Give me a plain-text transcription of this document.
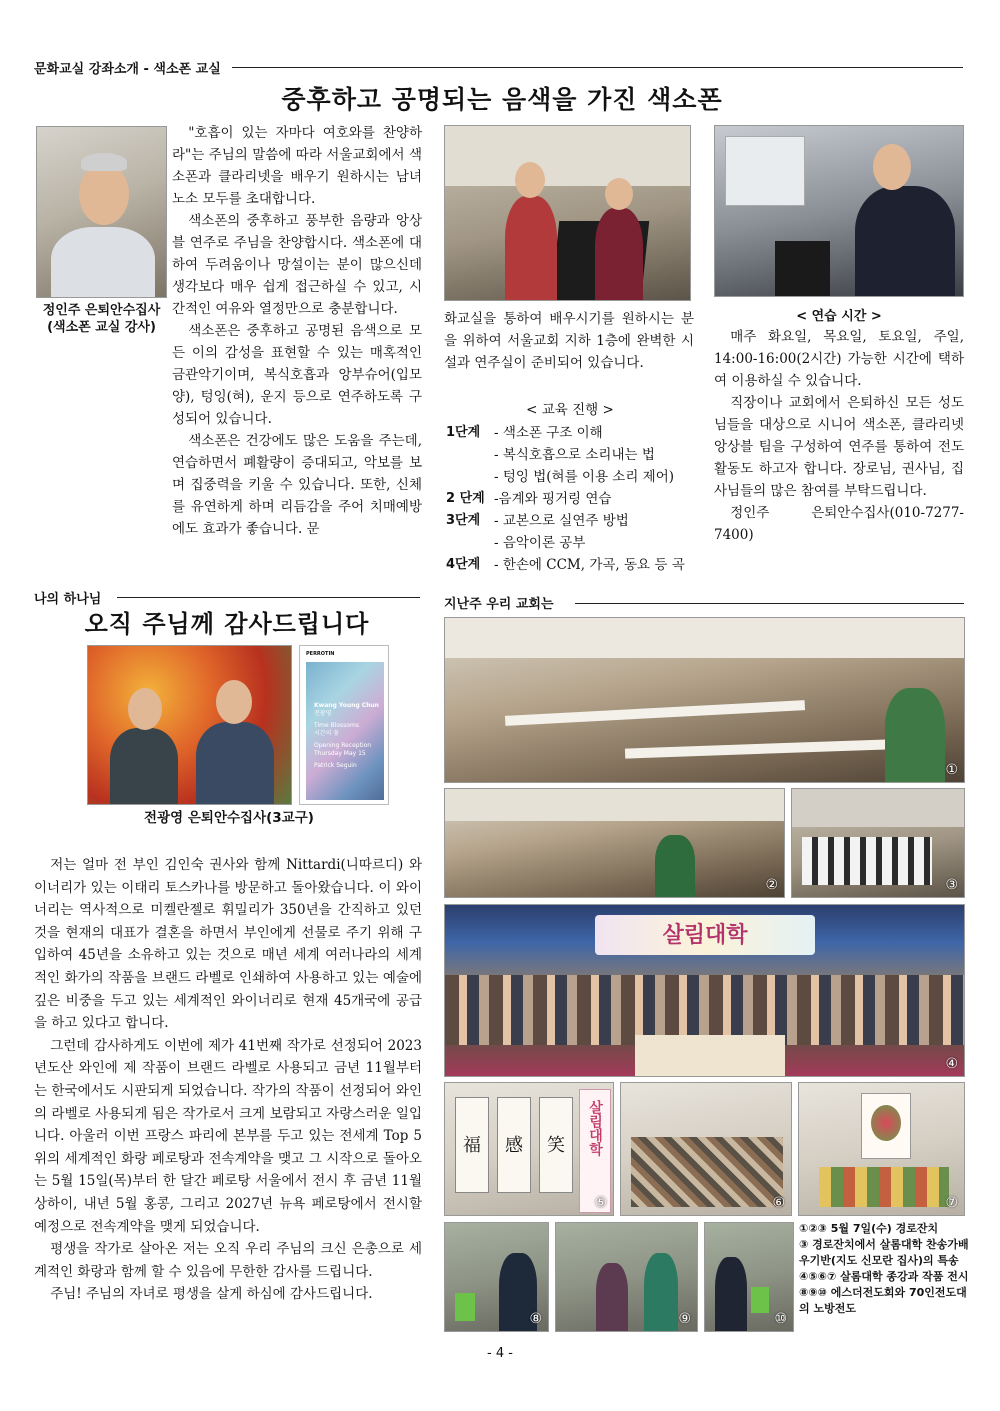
문화교실 강좌소개 - 색소폰 교실
중후하고 공명되는 음색을 가진 색소폰
정인주 은퇴안수집사
(색소폰 교실 강사)

"호흡이 있는 자마다 여호와를 찬양하라"는 주님의 말씀에 따라 서울교회에서 색소폰과 클라리넷을 배우기 원하시는 남녀노소 모두를 초대합니다.

색소폰의 중후하고 풍부한 음량과 앙상블 연주로 주님을 찬양합시다. 색소폰에 대하여 두려움이나 망설이는 분이 많으신데 생각보다 매우 쉽게 접근하실 수 있고, 시간적인 여유와 열정만으로 충분합니다.

색소폰은 중후하고 공명된 음색으로 모든 이의 감성을 표현할 수 있는 매혹적인 금관악기이며, 복식호흡과 앙부슈어(입모양), 텅잉(혀), 운지 등으로 연주하도록 구성되어 있습니다.

색소폰은 건강에도 많은 도움을 주는데, 연습하면서 폐활량이 증대되고, 악보를 보며 집중력을 키울 수 있습니다. 또한, 신체를 유연하게 하며 리듬감을 주어 치매예방에도 효과가 좋습니다. 문

화교실을 통하여 배우시기를 원하시는 분을 위하여 서울교회 지하 1층에 완벽한 시설과 연주실이 준비되어 있습니다.
< 교육 진행 >
1단계	- 색소폰 구조 이해
- 복식호흡으로 소리내는 법
- 텅잉 법(혀를 이용 소리 제어)
2 단계 -음계와 핑거링 연습
3단계	- 교본으로 실연주 방법
- 음악이론 공부
4단계	- 한손에 CCM, 가곡, 동요 등 곡
< 연습 시간 >

매주 화요일, 목요일, 토요일, 주일, 14:00-16:00(2시간) 가능한 시간에 택하여 이용하실 수 있습니다.

직장이나 교회에서 은퇴하신 모든 성도님들을 대상으로 시니어 색소폰, 클라리넷 앙상블 팀을 구성하여 연주를 통하여 전도 활동도 하고자 합니다. 장로님, 권사님, 집사님들의 많은 참여를 부탁드립니다.

정인주 은퇴안수집사(010-7277-7400)

나의 하나님
오직 주님께 감사드립니다
PERROTIN
Kwang Young Chun
전광영
Time Blossoms
시간의 꽃
Opening Reception
Thursday May 15
Patrick Seguin
전광영 은퇴안수집사(3교구)

저는 얼마 전 부인 김인숙 권사와 함께 Nittardi(니따르디) 와이너리가 있는 이태리 토스카나를 방문하고 돌아왔습니다. 이 와이너리는 역사적으로 미켈란젤로 휘밀리가 350년을 간직하고 있던 것을 현재의 대표가 결혼을 하면서 부인에게 선물로 주기 위해 구입하여 45년을 소유하고 있는 것으로 매년 세계 여러나라의 세계적인 화가의 작품을 브랜드 라벨로 인쇄하여 사용하고 있는 예술에 깊은 비중을 두고 있는 세계적인 와이너리로 현재 45개국에 공급을 하고 있다고 합니다.

그런데 감사하게도 이번에 제가 41번째 작가로 선정되어 2023년도산 와인에 제 작품이 브랜드 라벨로 사용되고 금년 11월부터는 한국에서도 시판되게 되었습니다. 작가의 작품이 선정되어 와인의 라벨로 사용되게 됨은 작가로서 크게 보람되고 자랑스러운 일입니다. 아울러 이번 프랑스 파리에 본부를 두고 있는 전세계 Top 5위의 세계적인 화랑 페로탕과 전속계약을 맺고 그 시작으로 돌아오는 5월 15일(목)부터 한 달간 페로탕 서울에서 전시 후 금년 11월 상하이, 내년 5월 홍콩, 그리고 2027년 뉴욕 페로탕에서 전시할 예정으로 전속계약을 맺게 되었습니다.

평생을 작가로 살아온 저는 오직 우리 주님의 크신 은총으로 세계적인 화랑과 함께 할 수 있음에 무한한 감사를 드립니다.

주님! 주님의 자녀로 평생을 살게 하심에 감사드립니다.

지난주 우리 교회는
①
②	③
살림대학
④
福	感	笑	살림대학
⑤	⑥	⑦
⑧	⑨	⑩
①②③ 5월 7일(수) 경로잔치
③ 경로잔치에서 살롬대학 찬송가배
우기반(지도 신모란 집사)의 특송
④⑤⑥⑦ 살롬대학 종강과 작품 전시
⑧⑨⑩ 에스더전도회와 70인전도대
의 노방전도
- 4 -
